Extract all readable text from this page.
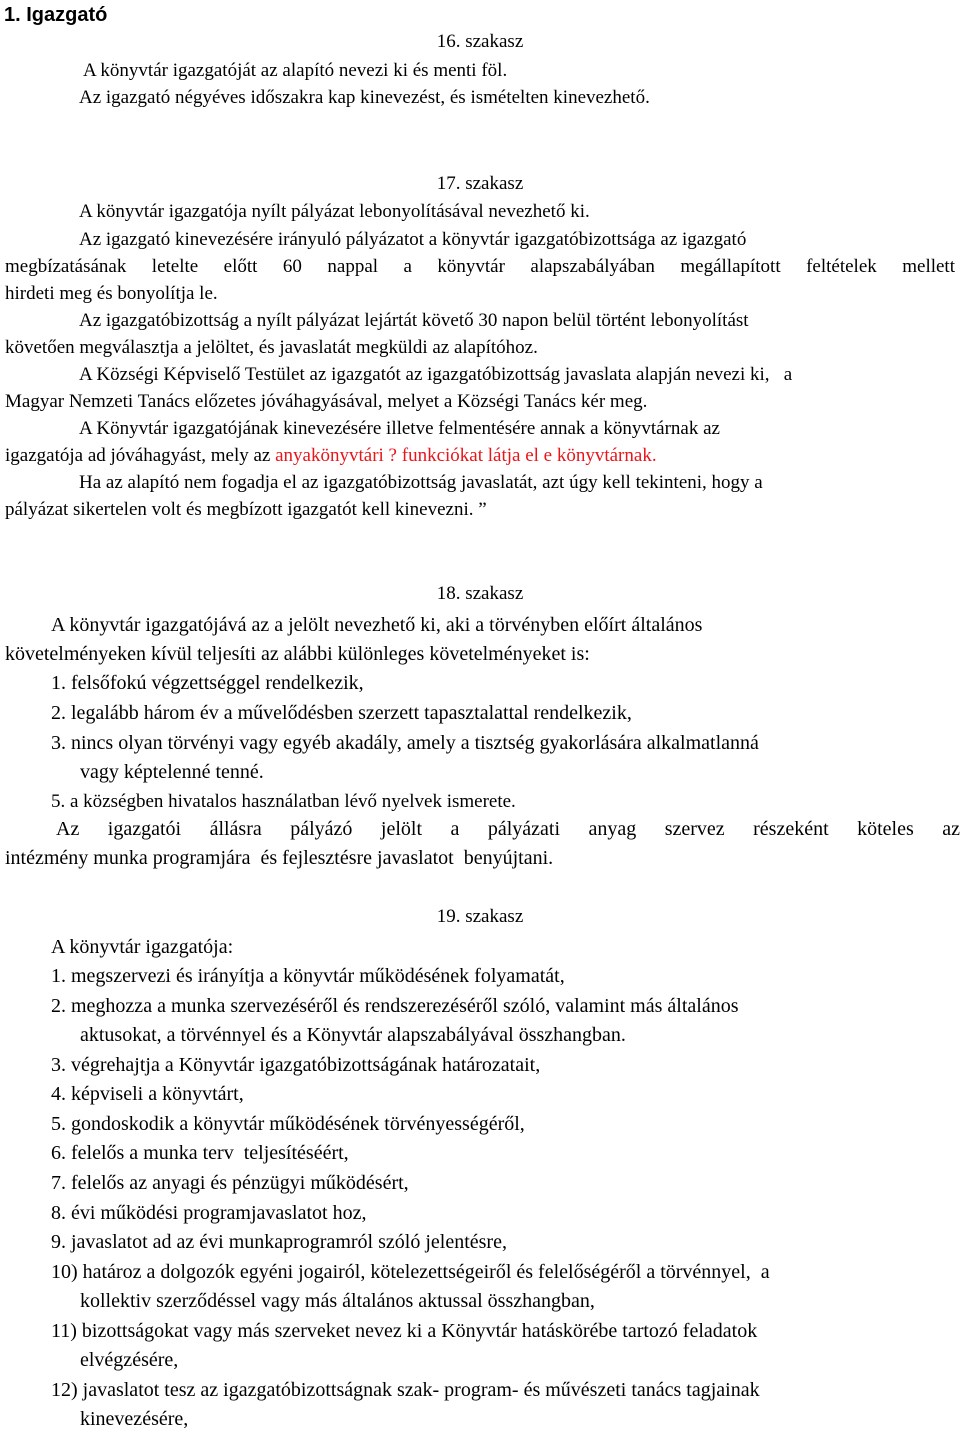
1. Igazgató
16. szakasz
A könyvtár igazgatóját az alapító nevezi ki és menti föl.
Az igazgató négyéves időszakra kap kinevezést, és ismételten kinevezhető.
17. szakasz
A könyvtár igazgatója nyílt pályázat lebonyolításával nevezhető ki.
Az igazgató kinevezésére irányuló pályázatot a könyvtár igazgatóbizottsága az igazgató
megbízatásának letelte előtt 60 nappal a könyvtár alapszabályában megállapított feltételek mellett
hirdeti meg és bonyolítja le.
Az igazgatóbizottság a nyílt pályázat lejártát követő 30 napon belül történt lebonyolítást
követően megválasztja a jelöltet, és javaslatát megküldi az alapítóhoz.
A Községi Képviselő Testület az igazgatót az igazgatóbizottság javaslata alapján nevezi ki,   a
Magyar Nemzeti Tanács előzetes jóváhagyásával, melyet a Községi Tanács kér meg.
A Könyvtár igazgatójának kinevezésére illetve felmentésére annak a könyvtárnak az
igazgatója ad jóváhagyást, mely az anyakönyvtári ? funkciókat látja el e könyvtárnak.
Ha az alapító nem fogadja el az igazgatóbizottság javaslatát, azt úgy kell tekinteni, hogy a
pályázat sikertelen volt és megbízott igazgatót kell kinevezni. ”
18. szakasz
A könyvtár igazgatójává az a jelölt nevezhető ki, aki a törvényben előírt általános
követelményeken kívül teljesíti az alábbi különleges követelményeket is:
1. felsőfokú végzettséggel rendelkezik,
2. legalább három év a művelődésben szerzett tapasztalattal rendelkezik,
3. nincs olyan törvényi vagy egyéb akadály, amely a tisztség gyakorlására alkalmatlanná
vagy képtelenné tenné.
5. a községben hivatalos használatban lévő nyelvek ismerete.
Az igazgatói állásra pályázó jelölt a pályázati anyag szervez részeként köteles az
intézmény munka programjára  és fejlesztésre javaslatot  benyújtani.
19. szakasz
A könyvtár igazgatója:
1. megszervezi és irányítja a könyvtár működésének folyamatát,
2. meghozza a munka szervezéséről és rendszerezéséről szóló, valamint más általános
aktusokat, a törvénnyel és a Könyvtár alapszabályával összhangban.
3. végrehajtja a Könyvtár igazgatóbizottságának határozatait,
4. képviseli a könyvtárt,
5. gondoskodik a könyvtár működésének törvényességéről,
6. felelős a munka terv  teljesítéséért,
7. felelős az anyagi és pénzügyi működésért,
8. évi működési programjavaslatot hoz,
9. javaslatot ad az évi munkaprogramról szóló jelentésre,
10) határoz a dolgozók egyéni jogairól, kötelezettségeiről és felelőségéről a törvénnyel,  a
kollektiv szerződéssel vagy más általános aktussal összhangban,
11) bizottságokat vagy más szerveket nevez ki a Könyvtár hatáskörébe tartozó feladatok
elvégzésére,
12) javaslatot tesz az igazgatóbizottságnak szak- program- és művészeti tanács tagjainak
kinevezésére,
